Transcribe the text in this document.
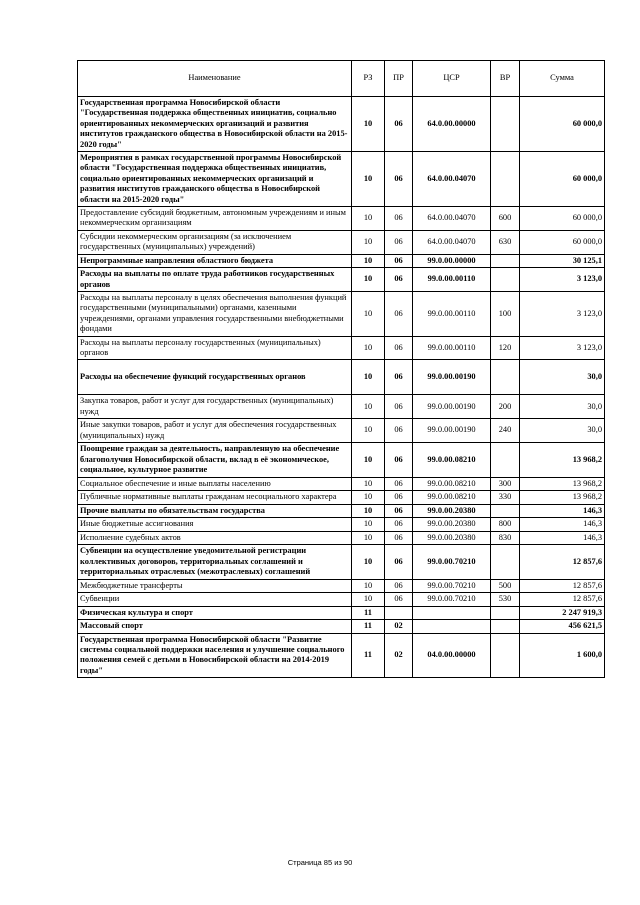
Наименование	РЗ	ПР	ЦСР	ВР	Сумма
Государственная программа Новосибирской области "Государственная поддержка общественных инициатив, социально ориентированных некоммерческих организаций и развития институтов гражданского общества в Новосибирской области на 2015-2020 годы"	10	06	64.0.00.00000		60 000,0
Мероприятия в рамках государственной программы Новосибирской области "Государственная поддержка общественных инициатив, социально ориентированных некоммерческих организаций и развития институтов гражданского общества в Новосибирской области на 2015-2020 годы"	10	06	64.0.00.04070		60 000,0
Предоставление субсидий бюджетным, автономным учреждениям и иным некоммерческим организациям	10	06	64.0.00.04070	600	60 000,0
Субсидии некоммерческим организациям (за исключением государственных (муниципальных) учреждений)	10	06	64.0.00.04070	630	60 000,0
Непрограммные направления областного бюджета	10	06	99.0.00.00000		30 125,1
Расходы на выплаты по оплате труда работников государственных органов	10	06	99.0.00.00110		3 123,0
Расходы на выплаты персоналу в целях обеспечения выполнения функций государственными (муниципальными) органами, казенными учреждениями, органами управления государственными внебюджетными фондами	10	06	99.0.00.00110	100	3 123,0
Расходы на выплаты персоналу государственных (муниципальных) органов	10	06	99.0.00.00110	120	3 123,0
Расходы на обеспечение функций государственных органов	10	06	99.0.00.00190		30,0
Закупка товаров, работ и услуг для государственных (муниципальных) нужд	10	06	99.0.00.00190	200	30,0
Иные закупки товаров, работ и услуг для обеспечения государственных (муниципальных) нужд	10	06	99.0.00.00190	240	30,0
Поощрение граждан за деятельность, направленную на обеспечение благополучия Новосибирской области, вклад в её экономическое, социальное, культурное развитие	10	06	99.0.00.08210		13 968,2
Социальное обеспечение и иные выплаты населению	10	06	99.0.00.08210	300	13 968,2
Публичные нормативные выплаты гражданам несоциального характера	10	06	99.0.00.08210	330	13 968,2
Прочие выплаты по обязательствам государства	10	06	99.0.00.20380		146,3
Иные бюджетные ассигнования	10	06	99.0.00.20380	800	146,3
Исполнение судебных актов	10	06	99.0.00.20380	830	146,3
Субвенции на осуществление уведомительной регистрации коллективных договоров, территориальных соглашений и территориальных отраслевых (межотраслевых) соглашений	10	06	99.0.00.70210		12 857,6
Межбюджетные трансферты	10	06	99.0.00.70210	500	12 857,6
Субвенции	10	06	99.0.00.70210	530	12 857,6
Физическая культура и спорт	11				2 247 919,3
Массовый спорт	11	02			456 621,5
Государственная программа Новосибирской области "Развитие системы социальной поддержки населения и улучшение социального положения семей с детьми в Новосибирской области на 2014-2019 годы"	11	02	04.0.00.00000		1 600,0
Страница 85 из 90
